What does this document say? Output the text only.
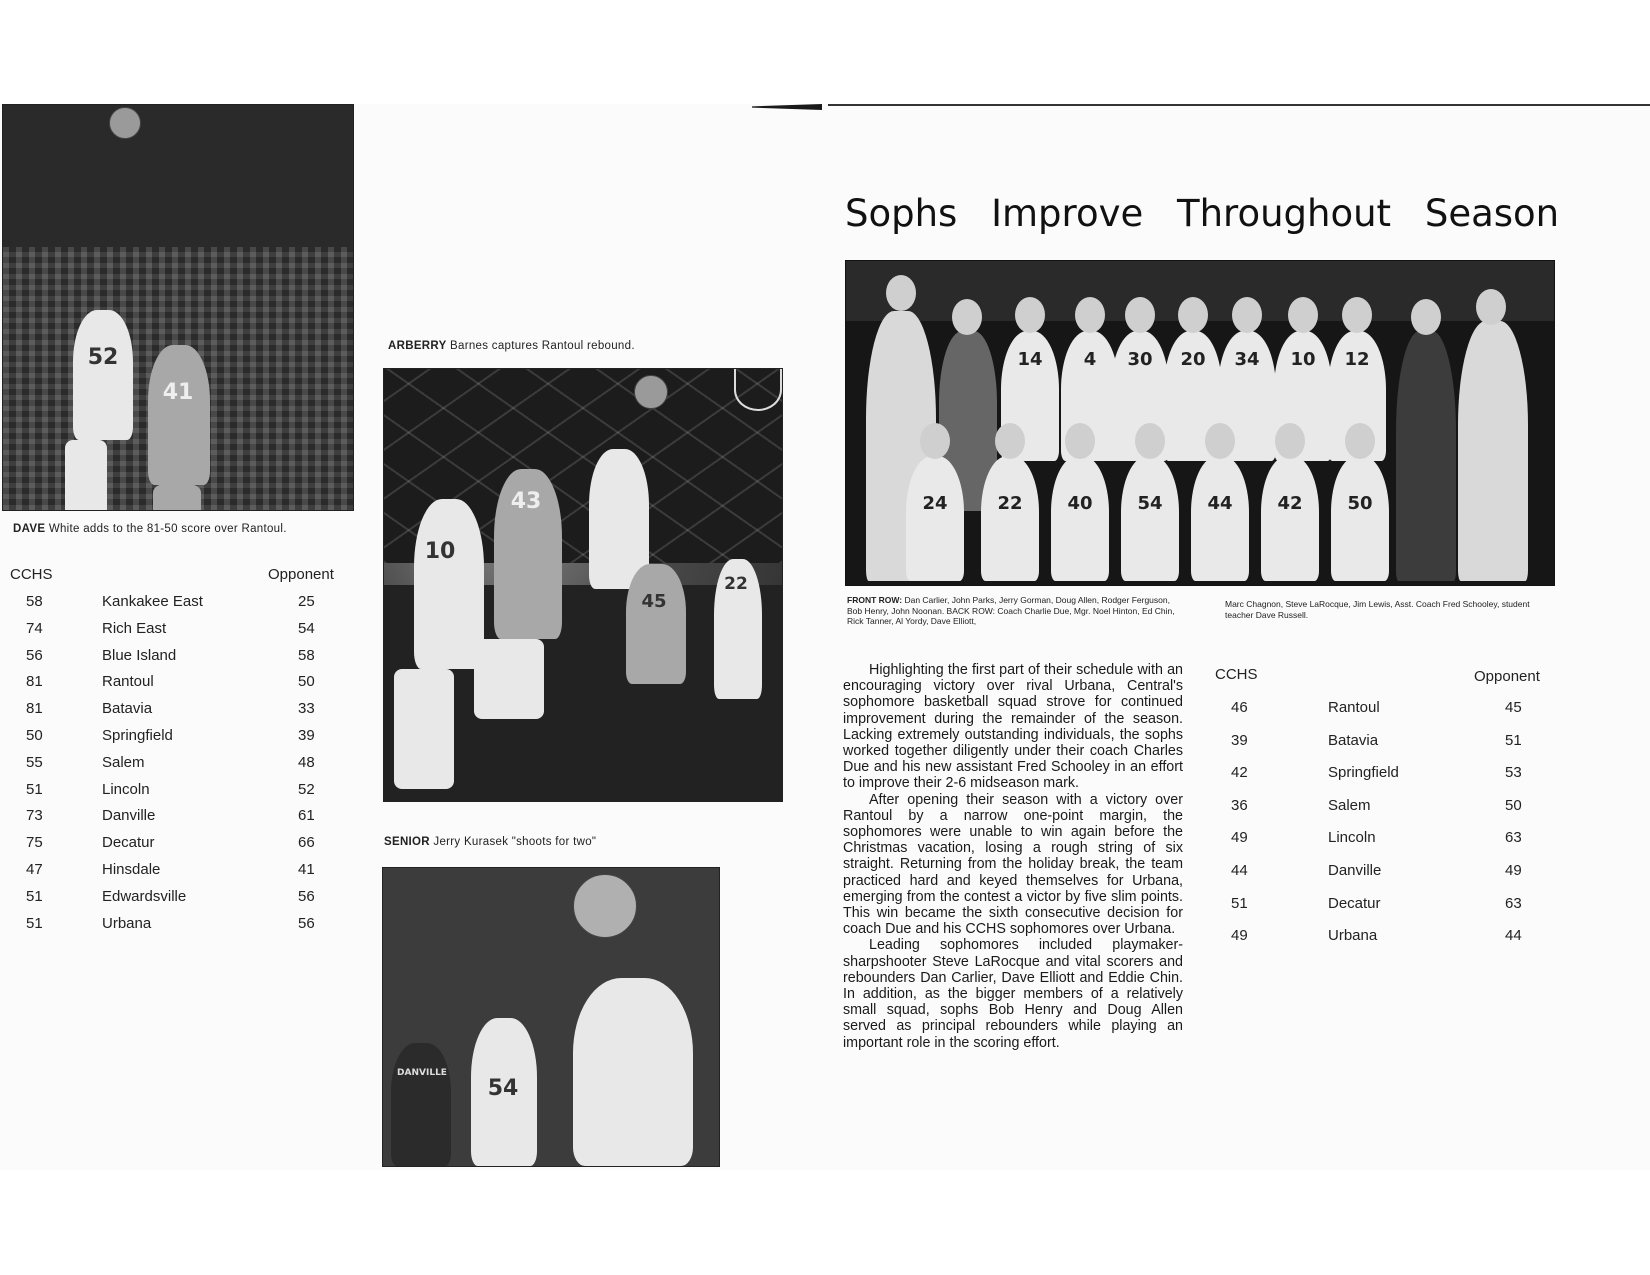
52
41
DAVE White adds to the 81-50 score over Rantoul.
CCHS	Opponent
58	Kankakee East	25
74	Rich East	54
56	Blue Island	58
81	Rantoul	50
81	Batavia	33
50	Springfield	39
55	Salem	48
51	Lincoln	52
73	Danville	61
75	Decatur	66
47	Hinsdale	41
51	Edwardsville	56
51	Urbana	56
ARBERRY Barnes captures Rantoul rebound.
10
43
45
22
SENIOR Jerry Kurasek "shoots for two"
54
DANVILLE
Sophs Improve Throughout Season
14	4	30	20	34	10	12
24	22	40	54	44	42	50
FRONT ROW: Dan Carlier, John Parks, Jerry Gorman, Doug Allen, Rodger Ferguson, Bob Henry, John Noonan. BACK ROW: Coach Charlie Due, Mgr. Noel Hinton, Ed Chin, Rick Tanner, Al Yordy, Dave Elliott,
Marc Chagnon, Steve LaRocque, Jim Lewis, Asst. Coach Fred Schooley, student teacher Dave Russell.

Highlighting the first part of their schedule with an encouraging victory over rival Urbana, Central's sophomore basketball squad strove for continued improvement during the remainder of the season. Lacking extremely outstanding individuals, the sophs worked together diligently under their coach Charles Due and his new assistant Fred Schooley in an effort to improve their 2-6 midseason mark.

After opening their season with a victory over Rantoul by a narrow one-point margin, the sophomores were unable to win again before the Christmas vacation, losing a rough string of six straight. Returning from the holiday break, the team practiced hard and keyed themselves for Urbana, emerging from the contest a victor by five slim points. This win became the sixth consecutive decision for coach Due and his CCHS sophomores over Urbana.

Leading sophomores included playmaker-sharpshooter Steve LaRocque and vital scorers and rebounders Dan Carlier, Dave Elliott and Eddie Chin. In addition, as the bigger members of a relatively small squad, sophs Bob Henry and Doug Allen served as principal rebounders while playing an important role in the scoring effort.

CCHS	Opponent
46	Rantoul	45
39	Batavia	51
42	Springfield	53
36	Salem	50
49	Lincoln	63
44	Danville	49
51	Decatur	63
49	Urbana	44
